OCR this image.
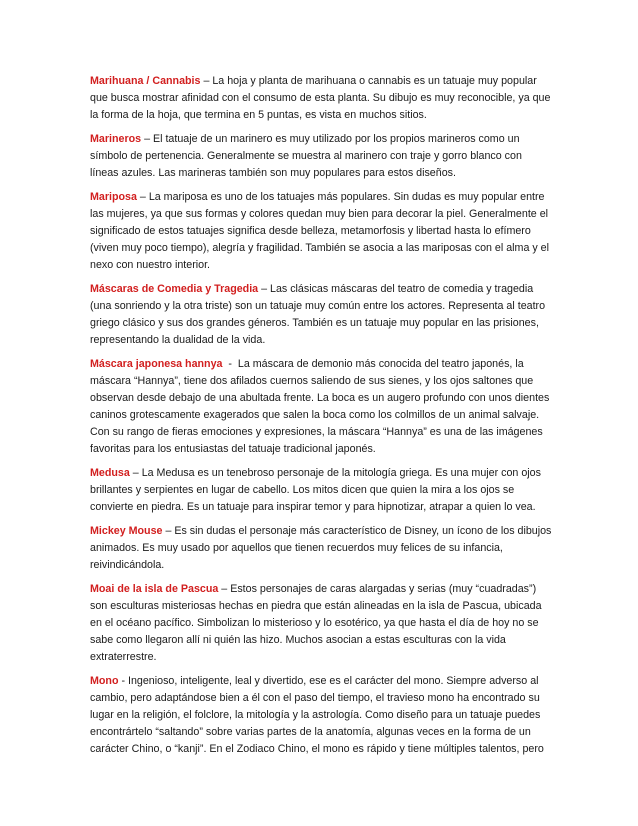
Marihuana / Cannabis – La hoja y planta de marihuana o cannabis es un tatuaje muy popular que busca mostrar afinidad con el consumo de esta planta. Su dibujo es muy reconocible, ya que la forma de la hoja, que termina en 5 puntas, es vista en muchos sitios.

Marineros – El tatuaje de un marinero es muy utilizado por los propios marineros como un símbolo de pertenencia. Generalmente se muestra al marinero con traje y gorro blanco con líneas azules. Las marineras también son muy populares para estos diseños.

Mariposa – La mariposa es uno de los tatuajes más populares. Sin dudas es muy popular entre las mujeres, ya que sus formas y colores quedan muy bien para decorar la piel. Generalmente el significado de estos tatuajes significa desde belleza, metamorfosis y libertad hasta lo efímero (viven muy poco tiempo), alegría y fragilidad. También se asocia a las mariposas con el alma y el nexo con nuestro interior.

Máscaras de Comedia y Tragedia – Las clásicas máscaras del teatro de comedia y tragedia (una sonriendo y la otra triste) son un tatuaje muy común entre los actores. Representa al teatro griego clásico y sus dos grandes géneros. También es un tatuaje muy popular en las prisiones, representando la dualidad de la vida.

Máscara japonesa hannya  -  La máscara de demonio más conocida del teatro japonés, la máscara “Hannya”, tiene dos afilados cuernos saliendo de sus sienes, y los ojos saltones que observan desde debajo de una abultada frente. La boca es un augero profundo con unos dientes caninos grotescamente exagerados que salen la boca como los colmillos de un animal salvaje. Con su rango de fieras emociones y expresiones, la máscara “Hannya” es una de las imágenes favoritas para los entusiastas del tatuaje tradicional japonés.

Medusa – La Medusa es un tenebroso personaje de la mitología griega. Es una mujer con ojos brillantes y serpientes en lugar de cabello. Los mitos dicen que quien la mira a los ojos se convierte en piedra. Es un tatuaje para inspirar temor y para hipnotizar, atrapar a quien lo vea.

Mickey Mouse – Es sin dudas el personaje más característico de Disney, un ícono de los dibujos animados. Es muy usado por aquellos que tienen recuerdos muy felices de su infancia, reivindicándola.

Moai de la isla de Pascua – Estos personajes de caras alargadas y serias (muy “cuadradas”) son esculturas misteriosas hechas en piedra que están alineadas en la isla de Pascua, ubicada en el océano pacífico. Simbolizan lo misterioso y lo esotérico, ya que hasta el día de hoy no se sabe como llegaron allí ni quién las hizo. Muchos asocian a estas esculturas con la vida extraterrestre.

Mono - Ingenioso, inteligente, leal y divertido, ese es el carácter del mono. Siempre adverso al cambio, pero adaptándose bien a él con el paso del tiempo, el travieso mono ha encontrado su lugar en la religión, el folclore, la mitología y la astrología. Como diseño para un tatuaje puedes encontrártelo “saltando” sobre varias partes de la anatomía, algunas veces en la forma de un carácter Chino, o “kanji”. En el Zodiaco Chino, el mono es rápido y tiene múltiples talentos, pero
